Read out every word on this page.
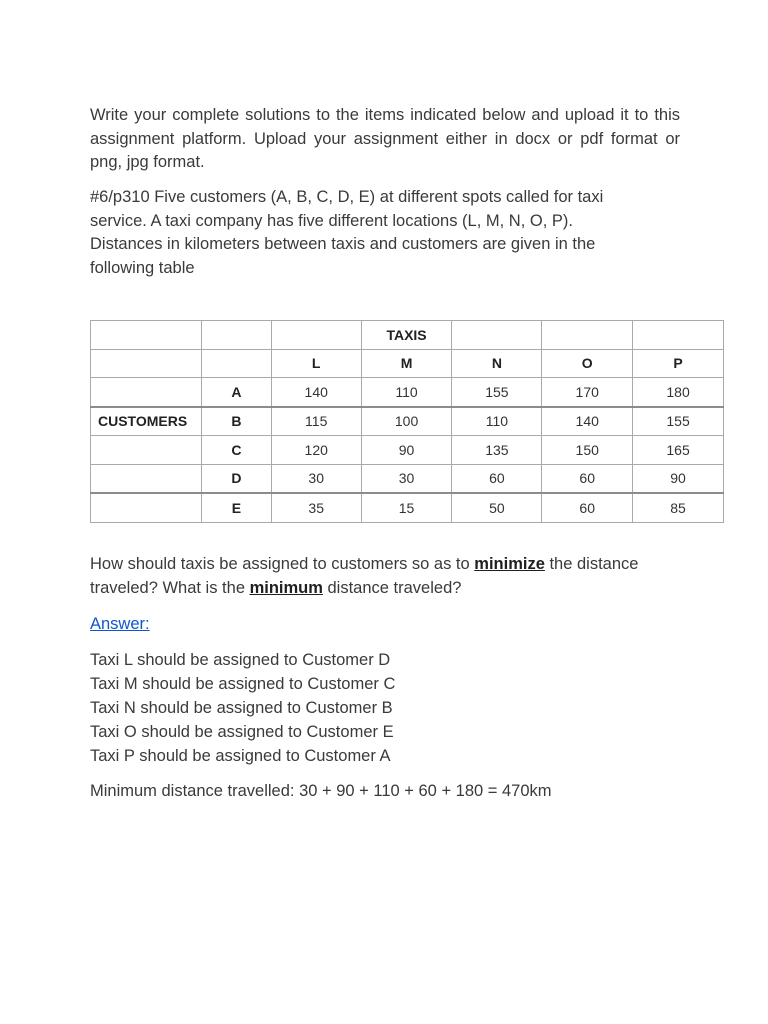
Write your complete solutions to the items indicated below and upload it to this assignment platform. Upload your assignment either in docx or pdf format or png, jpg format.

#6/p310 Five customers (A, B, C, D, E) at different spots called for taxi
service. A taxi company has five different locations (L, M, N, O, P).
Distances in kilometers between taxis and customers are given in the
following table
			TAXIS			
		L	M	N	O	P
	A	140	110	155	170	180
CUSTOMERS	B	115	100	110	140	155
	C	120	90	135	150	165
	D	30	30	60	60	90
	E	35	15	50	60	85
How should taxis be assigned to customers so as to minimize the distance
traveled? What is the minimum distance traveled?
Answer:
Taxi L should be assigned to Customer D
Taxi M should be assigned to Customer C
Taxi N should be assigned to Customer B
Taxi O should be assigned to Customer E
Taxi P should be assigned to Customer A
Minimum distance travelled: 30 + 90 + 110 + 60 + 180 = 470km
